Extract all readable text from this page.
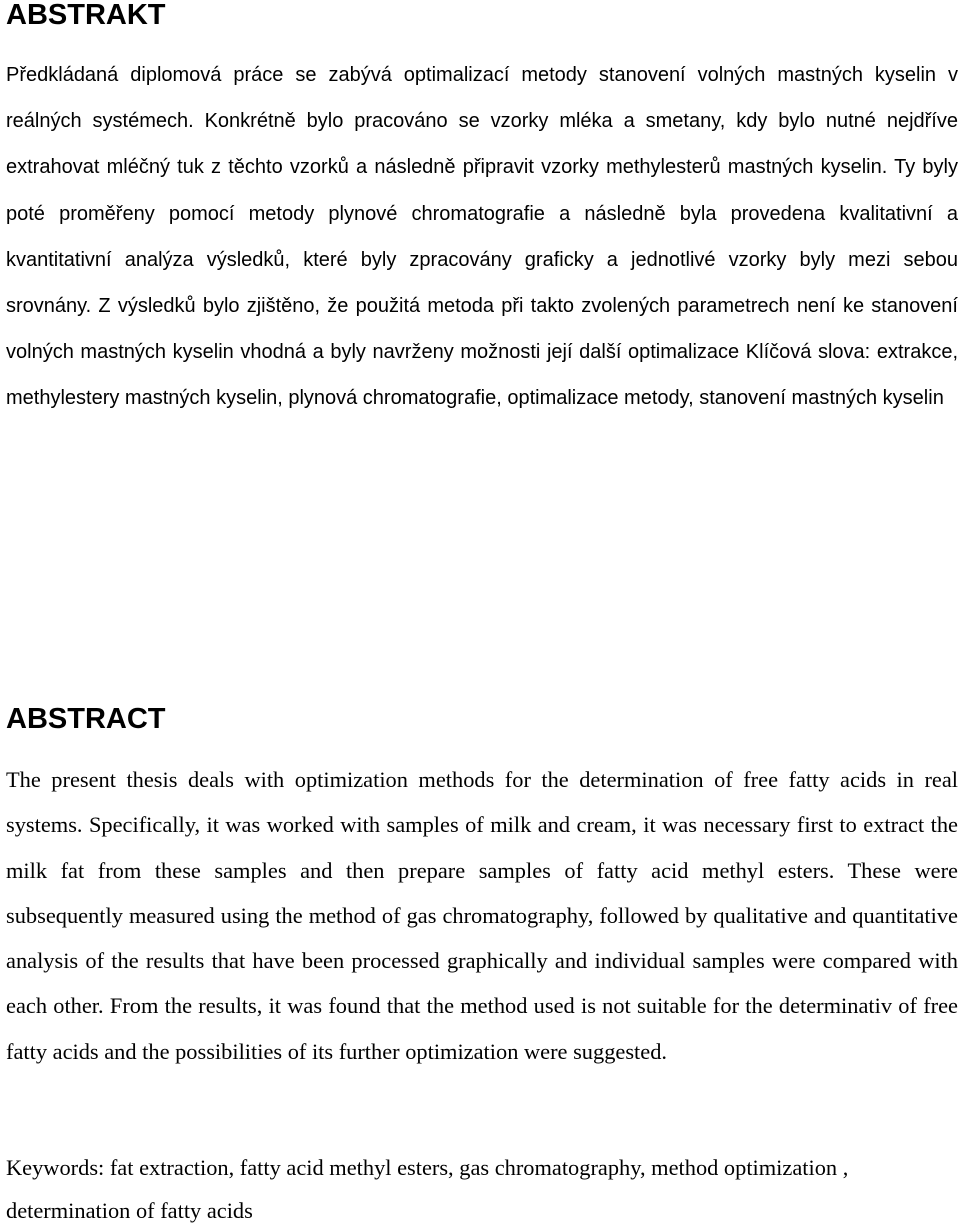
ABSTRAKT

Předkládaná diplomová práce se zabývá optimalizací metody stanovení volných mastných kyselin v reálných systémech. Konkrétně bylo pracováno se vzorky mléka a smetany, kdy bylo nutné nejdříve extrahovat mléčný tuk z těchto vzorků a následně připravit vzorky methylesterů mastných kyselin. Ty byly poté proměřeny pomocí metody plynové chromatografie a následně byla provedena kvalitativní a kvantitativní analýza výsledků, které byly zpracovány graficky a jednotlivé vzorky byly mezi sebou srovnány. Z výsledků bylo zjištěno, že použitá metoda při takto zvolených parametrech není ke stanovení volných mastných kyselin vhodná a byly navrženy možnosti její další optimalizace Klíčová slova: extrakce, methylestery mastných kyselin, plynová chromatografie, optimalizace metody, stanovení mastných kyselin

ABSTRACT

The present thesis deals with optimization methods for the determination of free fatty acids in real systems. Specifically, it was worked with samples of milk and cream, it was necessary first to extract the milk fat from these samples and then prepare samples of fatty acid methyl esters. These were subsequently measured using the method of gas chromatography, followed by qualitative and quantitative analysis of the results that have been processed graphically and individual samples were compared with each other. From the results, it was found that the method used is not suitable for the determinativ of free fatty acids and the possibilities of its further optimization were suggested.

Keywords: fat extraction, fatty acid methyl esters, gas chromatography, method optimization , determination of fatty acids
